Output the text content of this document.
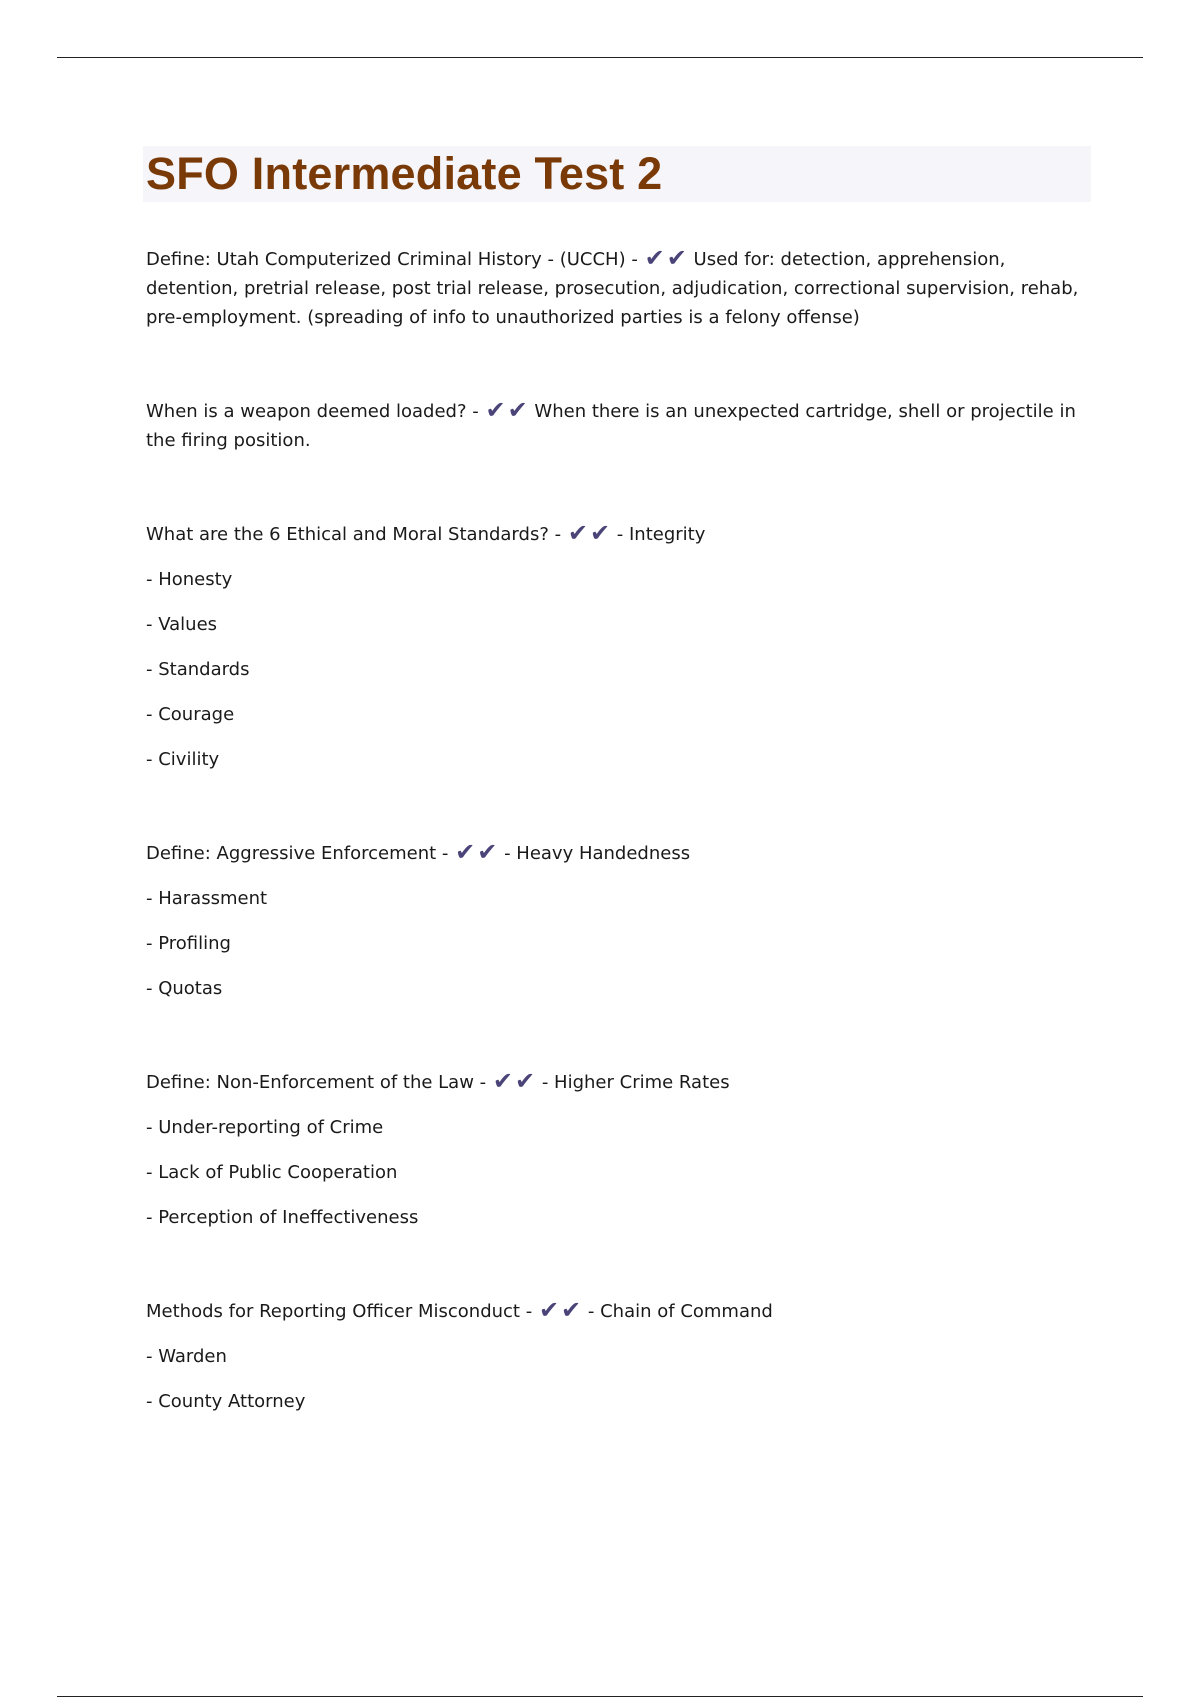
SFO Intermediate Test 2

Define: Utah Computerized Criminal History - (UCCH) - ✔✔ Used for: detection, apprehension, detention, pretrial release, post trial release, prosecution, adjudication, correctional supervision, rehab, pre-employment. (spreading of info to unauthorized parties is a felony offense)

When is a weapon deemed loaded? - ✔✔ When there is an unexpected cartridge, shell or projectile in the firing position.

What are the 6 Ethical and Moral Standards? - ✔✔ - Integrity

- Honesty

- Values

- Standards

- Courage

- Civility

Define: Aggressive Enforcement - ✔✔ - Heavy Handedness

- Harassment

- Profiling

- Quotas

Define: Non-Enforcement of the Law - ✔✔ - Higher Crime Rates

- Under-reporting of Crime

- Lack of Public Cooperation

- Perception of Ineffectiveness

Methods for Reporting Officer Misconduct - ✔✔ - Chain of Command

- Warden

- County Attorney
